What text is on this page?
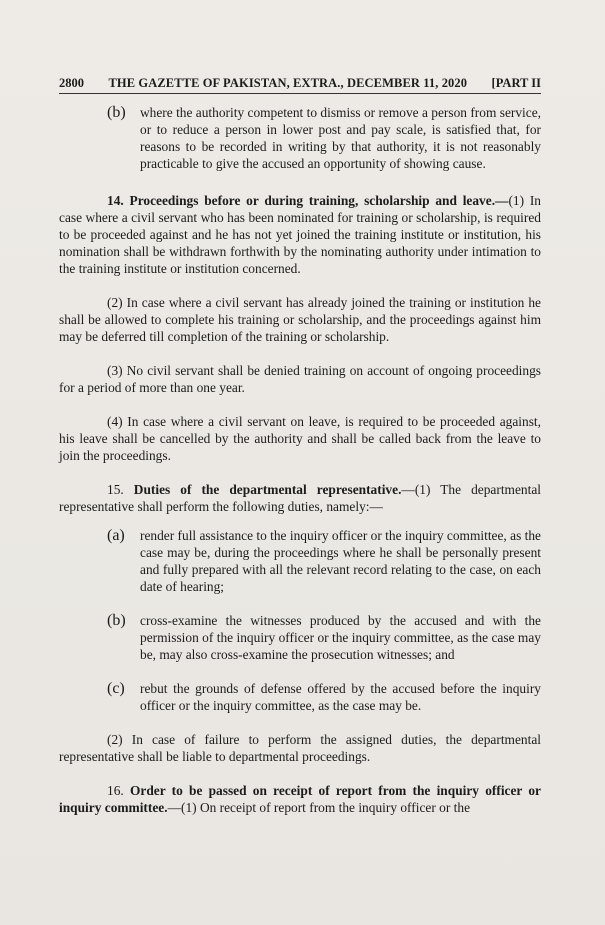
2800 THE GAZETTE OF PAKISTAN, EXTRA., DECEMBER 11, 2020 [PART II
(b)	where the authority competent to dismiss or remove a person from service, or to reduce a person in lower post and pay scale, is satisfied that, for reasons to be recorded in writing by that authority, it is not reasonably practicable to give the accused an opportunity of showing cause.

14. Proceedings before or during training, scholarship and leave.—(1) In case where a civil servant who has been nominated for training or scholarship, is required to be proceeded against and he has not yet joined the training institute or institution, his nomination shall be withdrawn forthwith by the nominating authority under intimation to the training institute or institution concerned.

(2) In case where a civil servant has already joined the training or institution he shall be allowed to complete his training or scholarship, and the proceedings against him may be deferred till completion of the training or scholarship.

(3) No civil servant shall be denied training on account of ongoing proceedings for a period of more than one year.

(4) In case where a civil servant on leave, is required to be proceeded against, his leave shall be cancelled by the authority and shall be called back from the leave to join the proceedings.

15. Duties of the departmental representative.—(1) The departmental representative shall perform the following duties, namely:—

(a)	render full assistance to the inquiry officer or the inquiry committee, as the case may be, during the proceedings where he shall be personally present and fully prepared with all the relevant record relating to the case, on each date of hearing;

(b)	cross-examine the witnesses produced by the accused and with the permission of the inquiry officer or the inquiry committee, as the case may be, may also cross-examine the prosecution witnesses; and

(c)	rebut the grounds of defense offered by the accused before the inquiry officer or the inquiry committee, as the case may be.

(2) In case of failure to perform the assigned duties, the departmental representative shall be liable to departmental proceedings.

16. Order to be passed on receipt of report from the inquiry officer or inquiry committee.—(1) On receipt of report from the inquiry officer or the
